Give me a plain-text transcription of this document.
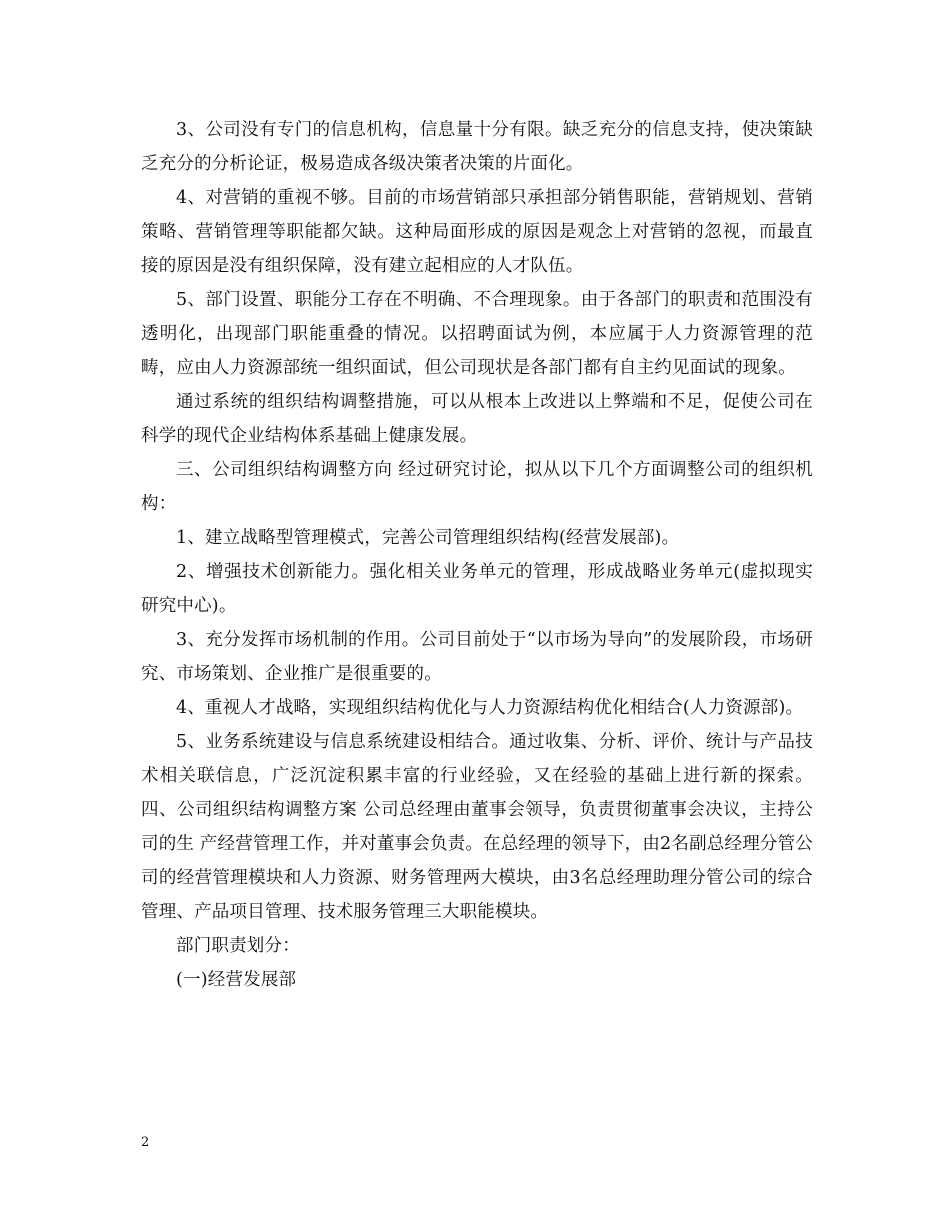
3、公司没有专门的信息机构，信息量十分有限。缺乏充分的信息支持，使决策缺乏充分的分析论证，极易造成各级决策者决策的片面化。

4、对营销的重视不够。目前的市场营销部只承担部分销售职能，营销规划、营销策略、营销管理等职能都欠缺。这种局面形成的原因是观念上对营销的忽视，而最直接的原因是没有组织保障，没有建立起相应的人才队伍。

5、部门设置、职能分工存在不明确、不合理现象。由于各部门的职责和范围没有透明化，出现部门职能重叠的情况。以招聘面试为例，本应属于人力资源管理的范畴，应由人力资源部统一组织面试，但公司现状是各部门都有自主约见面试的现象。

通过系统的组织结构调整措施，可以从根本上改进以上弊端和不足，促使公司在科学的现代企业结构体系基础上健康发展。

三、公司组织结构调整方向 经过研究讨论，拟从以下几个方面调整公司的组织机构：

1、建立战略型管理模式，完善公司管理组织结构(经营发展部)。

2、增强技术创新能力。强化相关业务单元的管理，形成战略业务单元(虚拟现实研究中心)。

3、充分发挥市场机制的作用。公司目前处于“以市场为导向”的发展阶段，市场研究、市场策划、企业推广是很重要的。

4、重视人才战略，实现组织结构优化与人力资源结构优化相结合(人力资源部)。

5、业务系统建设与信息系统建设相结合。通过收集、分析、评价、统计与产品技术相关联信息，广泛沉淀积累丰富的行业经验，又在经验的基础上进行新的探索。 四、公司组织结构调整方案 公司总经理由董事会领导，负责贯彻董事会决议，主持公司的生 产经营管理工作，并对董事会负责。在总经理的领导下，由2名副总经理分管公司的经营管理模块和人力资源、财务管理两大模块，由3名总经理助理分管公司的综合管理、产品项目管理、技术服务管理三大职能模块。

部门职责划分：

(一)经营发展部

2
